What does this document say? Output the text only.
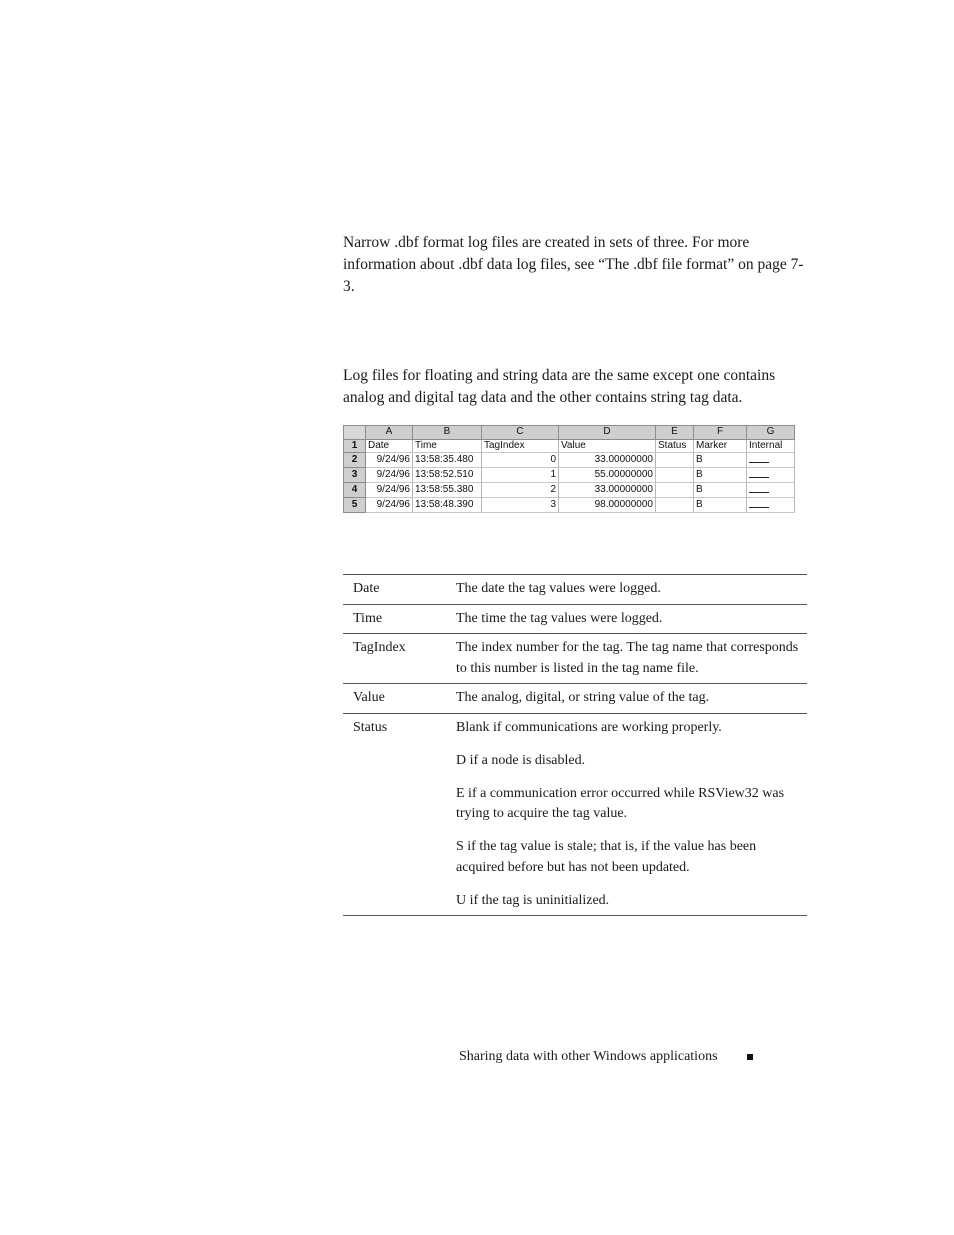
Narrow .dbf format log files are created in sets of three. For more information about .dbf data log files, see “The .dbf file format” on page 7-3.
Log files for floating and string data are the same except one contains analog and digital tag data and the other contains string tag data.
	A	B	C	D	E	F	G
1	Date	Time	TagIndex	Value	Status	Marker	Internal
2	9/24/96	13:58:35.480	0	33.00000000		B	
3	9/24/96	13:58:52.510	1	55.00000000		B	
4	9/24/96	13:58:55.380	2	33.00000000		B	
5	9/24/96	13:58:48.390	3	98.00000000		B	
Date	The date the tag values were logged.

Time	The time the tag values were logged.

TagIndex	The index number for the tag. The tag name that corresponds to this number is listed in the tag name file.

Value	The analog, digital, or string value of the tag.

Status	Blank if communications are working properly.

D if a node is disabled.

E if a communication error occurred while RSView32 was trying to acquire the tag value.

S if the tag value is stale; that is, if the value has been acquired before but has not been updated.

U if the tag is uninitialized.

Sharing data with other Windows applications
